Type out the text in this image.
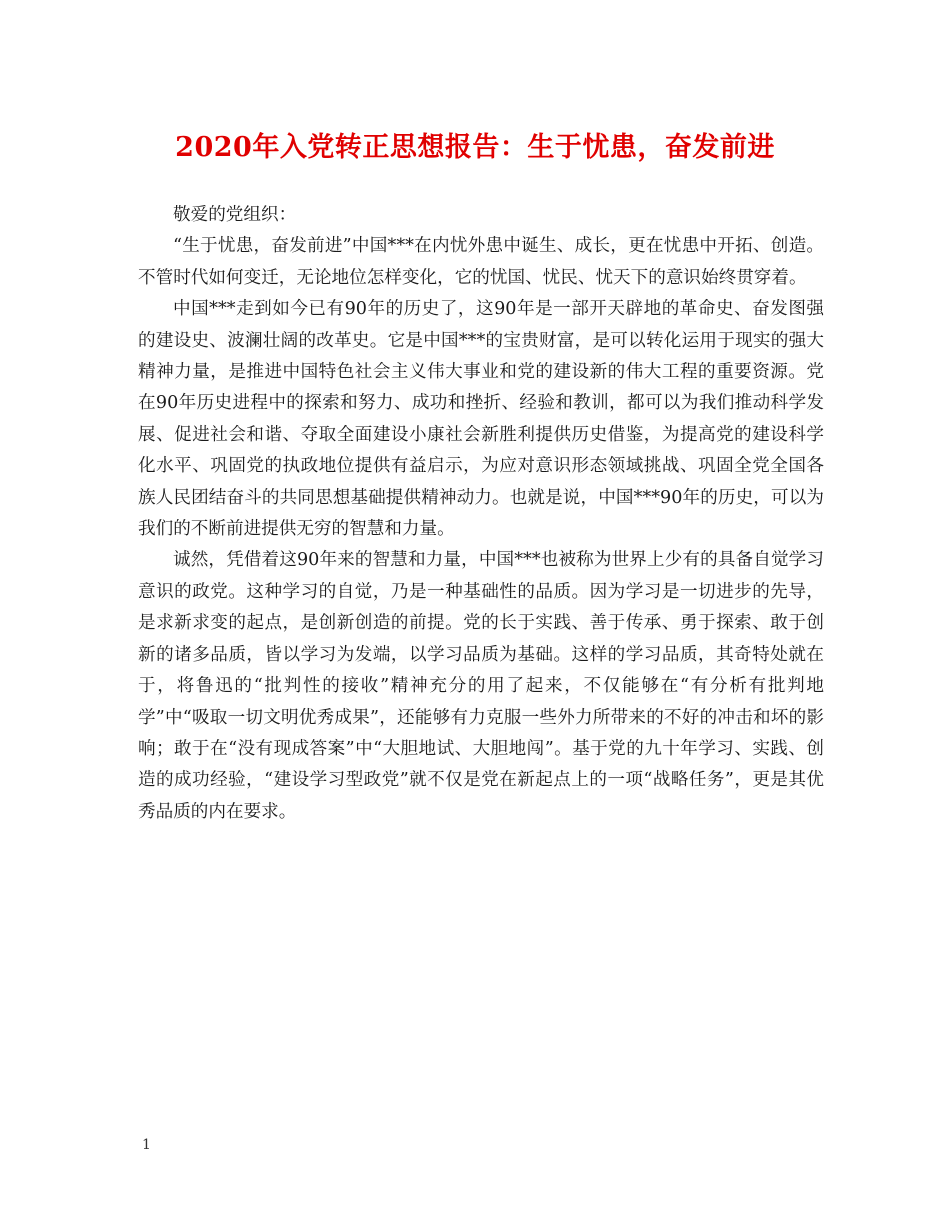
2020年入党转正思想报告：生于忧患，奋发前进

敬爱的党组织：

“生于忧患，奋发前进”中国***在内忧外患中诞生、成长，更在忧患中开拓、创造。不管时代如何变迁，无论地位怎样变化，它的忧国、忧民、忧天下的意识始终贯穿着。

中国***走到如今已有90年的历史了，这90年是一部开天辟地的革命史、奋发图强的建设史、波澜壮阔的改革史。它是中国***的宝贵财富，是可以转化运用于现实的强大精神力量，是推进中国特色社会主义伟大事业和党的建设新的伟大工程的重要资源。党在90年历史进程中的探索和努力、成功和挫折、经验和教训，都可以为我们推动科学发展、促进社会和谐、夺取全面建设小康社会新胜利提供历史借鉴，为提高党的建设科学化水平、巩固党的执政地位提供有益启示，为应对意识形态领域挑战、巩固全党全国各族人民团结奋斗的共同思想基础提供精神动力。也就是说，中国***90年的历史，可以为我们的不断前进提供无穷的智慧和力量。

诚然，凭借着这90年来的智慧和力量，中国***也被称为世界上少有的具备自觉学习意识的政党。这种学习的自觉，乃是一种基础性的品质。因为学习是一切进步的先导，是求新求变的起点，是创新创造的前提。党的长于实践、善于传承、勇于探索、敢于创新的诸多品质，皆以学习为发端，以学习品质为基础。这样的学习品质，其奇特处就在于，将鲁迅的“批判性的接收”精神充分的用了起来，不仅能够在“有分析有批判地学”中“吸取一切文明优秀成果”，还能够有力克服一些外力所带来的不好的冲击和坏的影响；敢于在“没有现成答案”中“大胆地试、大胆地闯”。基于党的九十年学习、实践、创造的成功经验，“建设学习型政党”就不仅是党在新起点上的一项“战略任务”，更是其优秀品质的内在要求。

1
